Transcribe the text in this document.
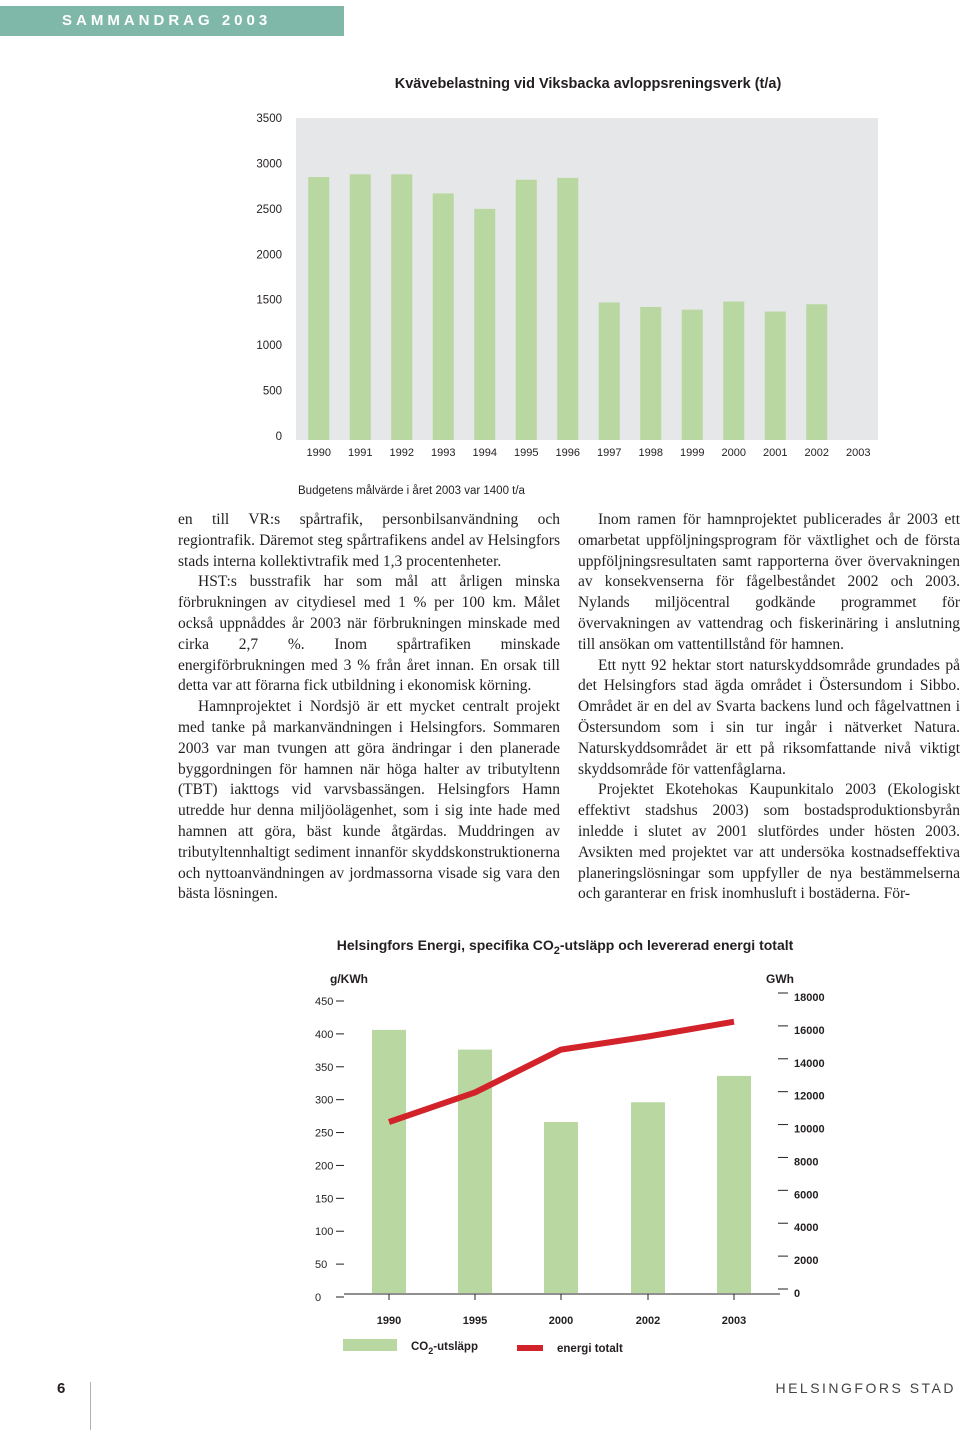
SAMMANDRAG 2003
Kvävebelastning vid Viksbacka avloppsreningsverk (t/a)
0
500
1000
1500
2000
2500
3000
3500
1990 1991 1992 1993 1994 1995 1996 1997 1998 1999 2000 2001 2002 2003
Budgetens målvärde i året 2003 var 1400 t/a

en till VR:s spårtrafik, personbilsanvändning och regiontrafik. Däremot steg spårtrafikens andel av Helsingfors stads interna kollektivtrafik med 1,3 procentenheter.

HST:s busstrafik har som mål att årligen minska förbrukningen av citydiesel med 1 % per 100 km. Målet också uppnåddes år 2003 när förbrukningen minskade med cirka 2,7 %. Inom spårtrafiken minskade energiförbrukningen med 3 % från året innan. En orsak till detta var att förarna fick utbildning i ekonomisk körning.

Hamnprojektet i Nordsjö är ett mycket centralt projekt med tanke på markanvändningen i Helsingfors. Sommaren 2003 var man tvungen att göra ändringar i den planerade byggordningen för hamnen när höga halter av tributyltenn (TBT) iakttogs vid varvsbassängen. Helsingfors Hamn utredde hur denna miljöolägenhet, som i sig inte hade med hamnen att göra, bäst kunde åtgärdas. Muddringen av tributyltennhaltigt sediment innanför skyddskonstruktionerna och nyttoanvändningen av jordmassorna visade sig vara den bästa lösningen.

Inom ramen för hamnprojektet publicerades år 2003 ett omarbetat uppföljningsprogram för växtlighet och de första uppföljningsresultaten samt rapporterna över övervakningen av konsekvenserna för fågelbeståndet 2002 och 2003. Nylands miljöcentral godkände programmet för övervakningen av vattendrag och fiskerinäring i anslutning till ansökan om vattentillstånd för hamnen.

Ett nytt 92 hektar stort naturskyddsområde grundades på det Helsingfors stad ägda området i Östersundom i Sibbo. Området är en del av Svarta backens lund och fågelvattnen i Östersundom som i sin tur ingår i nätverket Natura. Naturskyddsområdet är ett på riksomfattande nivå viktigt skyddsområde för vattenfåglarna.

Projektet Ekotehokas Kaupunkitalo 2003 (Ekologiskt effektivt stadshus 2003) som bostadsproduktionsbyrån inledde i slutet av 2001 slutfördes under hösten 2003. Avsikten med projektet var att undersöka kostnadseffektiva planeringslösningar som uppfyller de nya bestämmelserna och garanterar en frisk inomhusluft i bostäderna. För-

Helsingfors Energi, specifika $CO_2$-utsläpp och levererad energi totalt
g/KWh	GWh
0
50
100
150
200
250
300
350
400
450
0
2000
4000
6000
8000
10000
12000
14000
16000
18000
1990	1995	2000	2002	2003
$CO_2$-utsläpp	energi totalt
6	HELSINGFORS STAD
